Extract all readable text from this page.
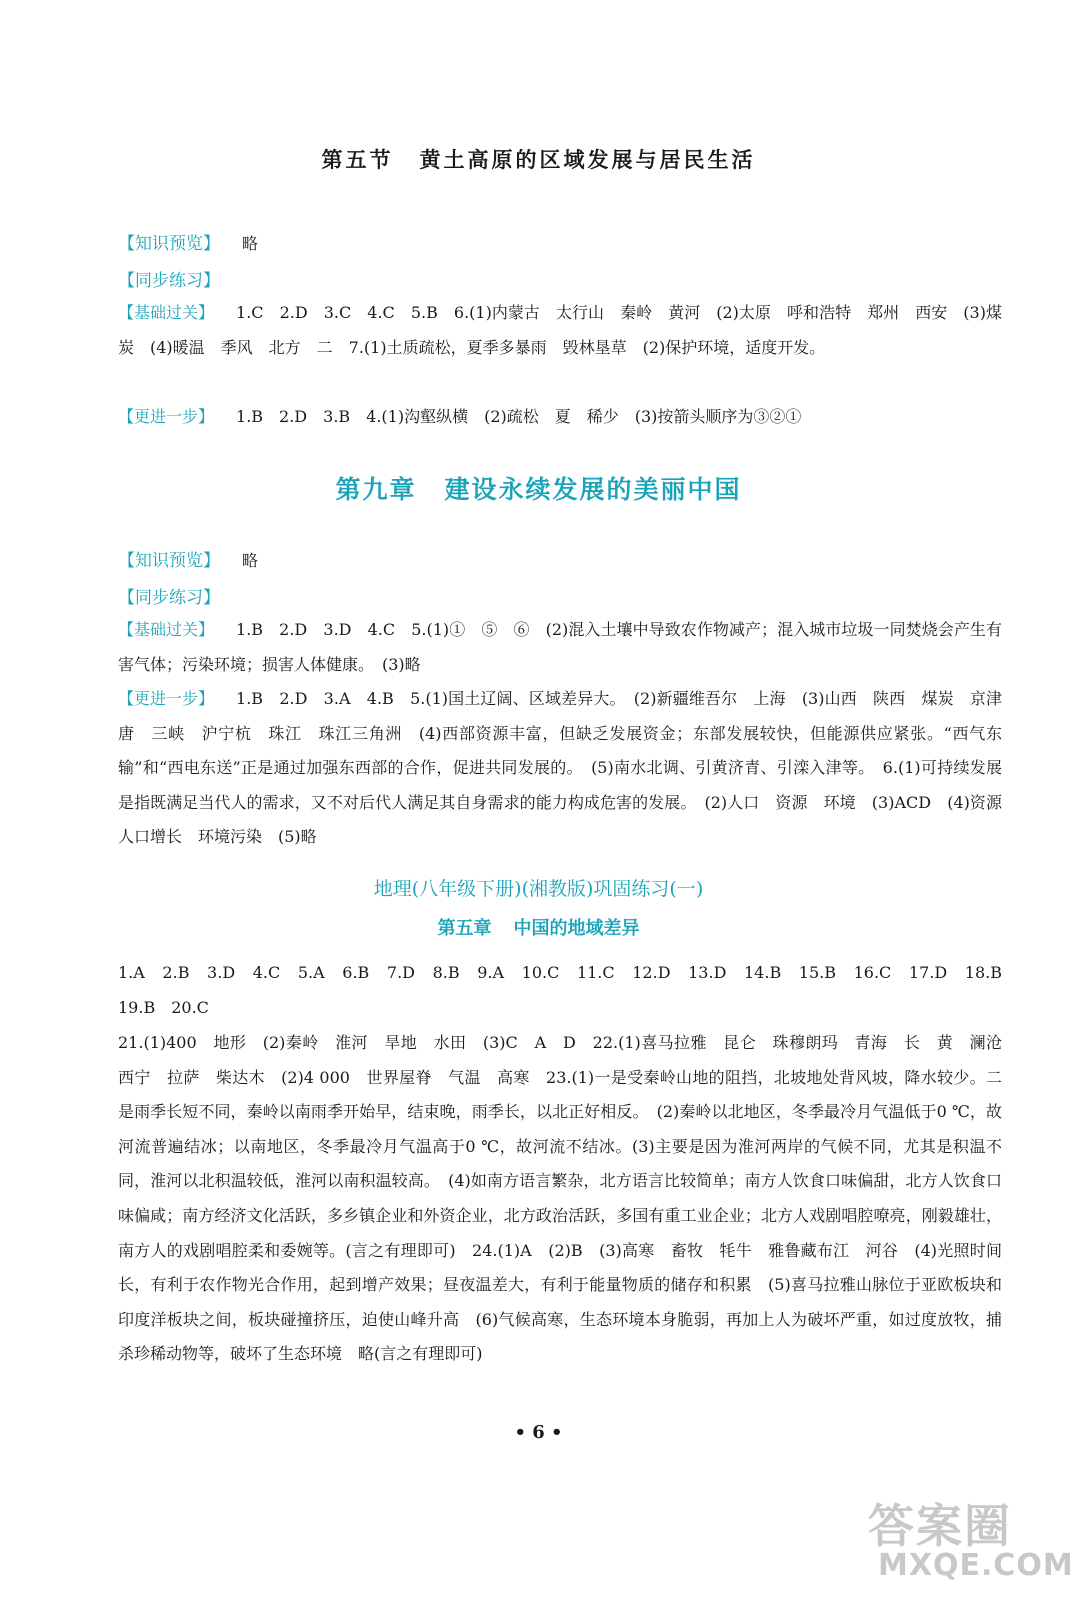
第五节 黄土高原的区域发展与居民生活
【知识预览】 略
【同步练习】
【基础过关】 1.C　2.D　3.C　4.C　5.B　6.(1)内蒙古　太行山　秦岭　黄河　(2)太原　呼和浩特　郑州　西安　(3)煤炭　(4)暖温　季风　北方　二　7.(1)土质疏松，夏季多暴雨　毁林垦草　(2)保护环境，适度开发。
【更进一步】 1.B　2.D　3.B　4.(1)沟壑纵横　(2)疏松　夏　稀少　(3)按箭头顺序为③②①
第九章 建设永续发展的美丽中国
【知识预览】 略
【同步练习】
【基础过关】 1.B　2.D　3.D　4.C　5.(1)①　⑤　⑥　(2)混入土壤中导致农作物减产；混入城市垃圾一同焚烧会产生有害气体；污染环境；损害人体健康。　(3)略
【更进一步】 1.B　2.D　3.A　4.B　5.(1)国土辽阔、区域差异大。　(2)新疆维吾尔　上海　(3)山西　陕西　煤炭　京津唐　三峡　沪宁杭　珠江　珠江三角洲　(4)西部资源丰富，但缺乏发展资金；东部发展较快，但能源供应紧张。“西气东输”和“西电东送”正是通过加强东西部的合作，促进共同发展的。　(5)南水北调、引黄济青、引滦入津等。　6.(1)可持续发展是指既满足当代人的需求，又不对后代人满足其自身需求的能力构成危害的发展。　(2)人口　资源　环境　(3)ACD　(4)资源　人口增长　环境污染　(5)略
地理(八年级下册)(湘教版)巩固练习(一)
第五章 中国的地域差异
1.A　2.B　3.D　4.C　5.A　6.B　7.D　8.B　9.A　10.C　11.C　12.D　13.D　14.B　15.B　16.C　17.D　18.B　19.B　20.C
21.(1)400　地形　(2)秦岭　淮河　旱地　水田　(3)C　A　D　22.(1)喜马拉雅　昆仑　珠穆朗玛　青海　长　黄　澜沧　西宁　拉萨　柴达木　(2)4 000　世界屋脊　气温　高寒　23.(1)一是受秦岭山地的阻挡，北坡地处背风坡，降水较少。二是雨季长短不同，秦岭以南雨季开始早，结束晚，雨季长，以北正好相反。　(2)秦岭以北地区，冬季最冷月气温低于0 ℃，故河流普遍结冰；以南地区，冬季最冷月气温高于0 ℃，故河流不结冰。(3)主要是因为淮河两岸的气候不同，尤其是积温不同，淮河以北积温较低，淮河以南积温较高。　(4)如南方语言繁杂，北方语言比较简单；南方人饮食口味偏甜，北方人饮食口味偏咸；南方经济文化活跃，多乡镇企业和外资企业，北方政治活跃，多国有重工业企业；北方人戏剧唱腔嘹亮，刚毅雄壮，南方人的戏剧唱腔柔和委婉等。(言之有理即可)　24.(1)A　(2)B　(3)高寒　畜牧　牦牛　雅鲁藏布江　河谷　(4)光照时间长，有利于农作物光合作用，起到增产效果；昼夜温差大，有利于能量物质的储存和积累　(5)喜马拉雅山脉位于亚欧板块和印度洋板块之间，板块碰撞挤压，迫使山峰升高　(6)气候高寒，生态环境本身脆弱，再加上人为破坏严重，如过度放牧，捕杀珍稀动物等，破坏了生态环境　略(言之有理即可)
• 6 •
答案圈
MXQE.COM
